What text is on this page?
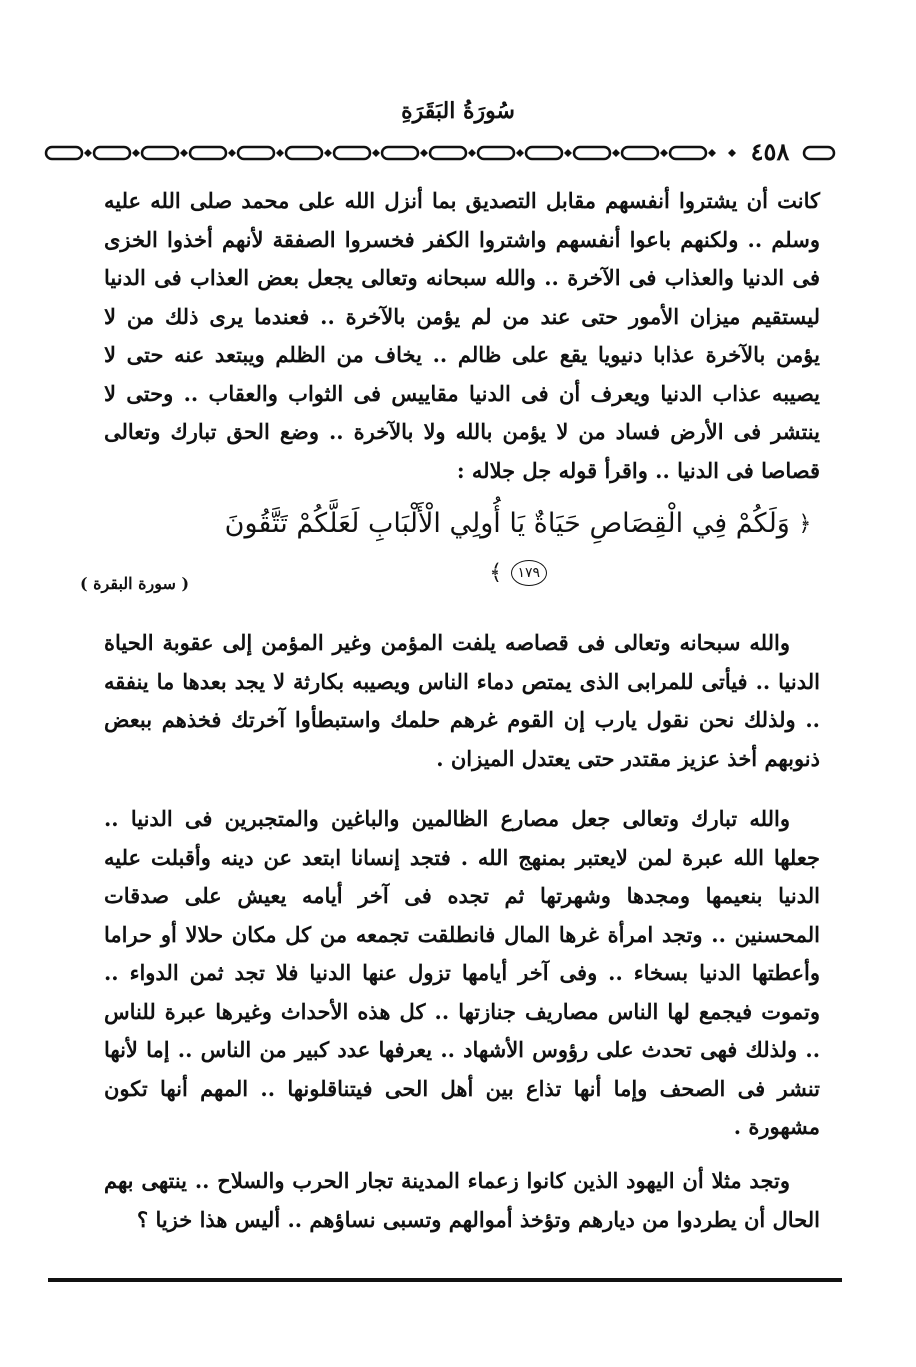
سُورَةُ البَقَرَةِ
٤٥٨
كانت أن يشتروا أنفسهم مقابل التصديق بما أنزل الله على محمد صلى الله عليه وسلم .. ولكنهم باعوا أنفسهم واشتروا الكفر فخسروا الصفقة لأنهم أخذوا الخزى فى الدنيا والعذاب فى الآخرة .. والله سبحانه وتعالى يجعل بعض العذاب فى الدنيا ليستقيم ميزان الأمور حتى عند من لم يؤمن بالآخرة .. فعندما يرى ذلك من لا يؤمن بالآخرة عذابا دنيويا يقع على ظالم .. يخاف من الظلم ويبتعد عنه حتى لا يصيبه عذاب الدنيا ويعرف أن فى الدنيا مقاييس فى الثواب والعقاب .. وحتى لا ينتشر فى الأرض فساد من لا يؤمن بالله ولا بالآخرة .. وضع الحق تبارك وتعالى قصاصا فى الدنيا .. واقرأ قوله جل جلاله :
﴿ وَلَكُمْ فِي الْقِصَاصِ حَيَاةٌ يَا أُولِي الْأَلْبَابِ لَعَلَّكُمْ تَتَّقُونَ ١٧٩ ﴾
( سورة البقرة )
والله سبحانه وتعالى فى قصاصه يلفت المؤمن وغير المؤمن إلى عقوبة الحياة الدنيا .. فيأتى للمرابى الذى يمتص دماء الناس ويصيبه بكارثة لا يجد بعدها ما ينفقه .. ولذلك نحن نقول يارب إن القوم غرهم حلمك واستبطأوا آخرتك فخذهم ببعض ذنوبهم أخذ عزيز مقتدر حتى يعتدل الميزان .
والله تبارك وتعالى جعل مصارع الظالمين والباغين والمتجبرين فى الدنيا .. جعلها الله عبرة لمن لايعتبر بمنهج الله . فتجد إنسانا ابتعد عن دينه وأقبلت عليه الدنيا بنعيمها ومجدها وشهرتها ثم تجده فى آخر أيامه يعيش على صدقات المحسنين .. وتجد امرأة غرها المال فانطلقت تجمعه من كل مكان حلالا أو حراما وأعطتها الدنيا بسخاء .. وفى آخر أيامها تزول عنها الدنيا فلا تجد ثمن الدواء .. وتموت فيجمع لها الناس مصاريف جنازتها .. كل هذه الأحداث وغيرها عبرة للناس .. ولذلك فهى تحدث على رؤوس الأشهاد .. يعرفها عدد كبير من الناس .. إما لأنها تنشر فى الصحف وإما أنها تذاع بين أهل الحى فيتناقلونها .. المهم أنها تكون مشهورة .
وتجد مثلا أن اليهود الذين كانوا زعماء المدينة تجار الحرب والسلاح .. ينتهى بهم الحال أن يطردوا من ديارهم وتؤخذ أموالهم وتسبى نساؤهم .. أليس هذا خزيا ؟
